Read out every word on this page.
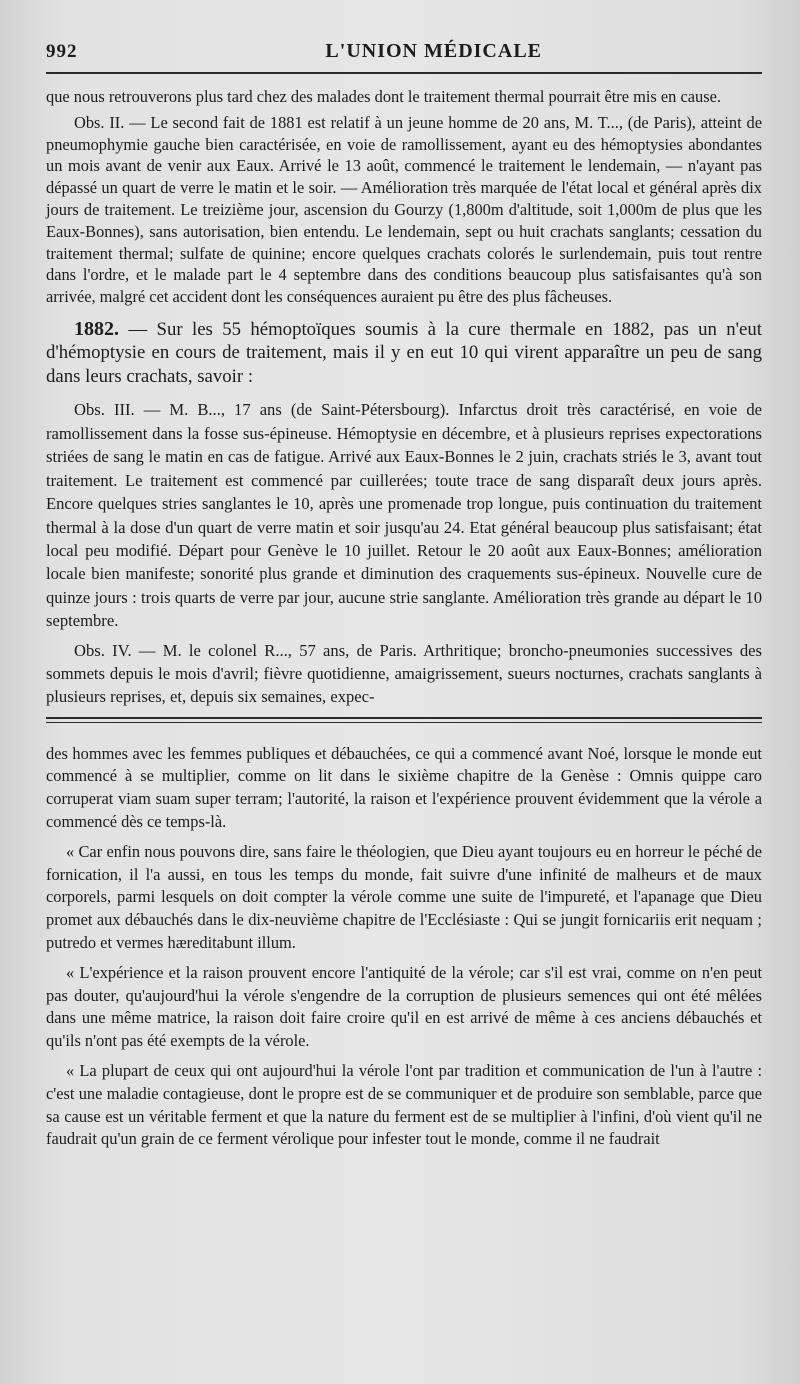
992	L'UNION MÉDICALE

que nous retrouverons plus tard chez des malades dont le traitement thermal pourrait être mis en cause.

Obs. II. — Le second fait de 1881 est relatif à un jeune homme de 20 ans, M. T..., (de Paris), atteint de pneumophymie gauche bien caractérisée, en voie de ramollissement, ayant eu des hémoptysies abondantes un mois avant de venir aux Eaux. Arrivé le 13 août, commencé le traitement le lendemain, — n'ayant pas dépassé un quart de verre le matin et le soir. — Amélioration très marquée de l'état local et général après dix jours de traitement. Le treizième jour, ascension du Gourzy (1,800m d'altitude, soit 1,000m de plus que les Eaux-Bonnes), sans autorisation, bien entendu. Le lendemain, sept ou huit crachats sanglants; cessation du traitement thermal; sulfate de quinine; encore quelques crachats colorés le surlendemain, puis tout rentre dans l'ordre, et le malade part le 4 septembre dans des conditions beaucoup plus satisfaisantes qu'à son arrivée, malgré cet accident dont les conséquences auraient pu être des plus fâcheuses.

1882. — Sur les 55 hémoptoïques soumis à la cure thermale en 1882, pas un n'eut d'hémoptysie en cours de traitement, mais il y en eut 10 qui virent apparaître un peu de sang dans leurs crachats, savoir :

Obs. III. — M. B..., 17 ans (de Saint-Pétersbourg). Infarctus droit très caractérisé, en voie de ramollissement dans la fosse sus-épineuse. Hémoptysie en décembre, et à plusieurs reprises expectorations striées de sang le matin en cas de fatigue. Arrivé aux Eaux-Bonnes le 2 juin, crachats striés le 3, avant tout traitement. Le traitement est commencé par cuillerées; toute trace de sang disparaît deux jours après. Encore quelques stries sanglantes le 10, après une promenade trop longue, puis continuation du traitement thermal à la dose d'un quart de verre matin et soir jusqu'au 24. Etat général beaucoup plus satisfaisant; état local peu modifié. Départ pour Genève le 10 juillet. Retour le 20 août aux Eaux-Bonnes; amélioration locale bien manifeste; sonorité plus grande et diminution des craquements sus-épineux. Nouvelle cure de quinze jours : trois quarts de verre par jour, aucune strie sanglante. Amélioration très grande au départ le 10 septembre.

Obs. IV. — M. le colonel R..., 57 ans, de Paris. Arthritique; broncho-pneumonies successives des sommets depuis le mois d'avril; fièvre quotidienne, amaigrissement, sueurs nocturnes, crachats sanglants à plusieurs reprises, et, depuis six semaines, expec-

des hommes avec les femmes publiques et débauchées, ce qui a commencé avant Noé, lorsque le monde eut commencé à se multiplier, comme on lit dans le sixième chapitre de la Genèse : Omnis quippe caro corruperat viam suam super terram; l'autorité, la raison et l'expérience prouvent évidemment que la vérole a commencé dès ce temps-là.

« Car enfin nous pouvons dire, sans faire le théologien, que Dieu ayant toujours eu en horreur le péché de fornication, il l'a aussi, en tous les temps du monde, fait suivre d'une infinité de malheurs et de maux corporels, parmi lesquels on doit compter la vérole comme une suite de l'impureté, et l'apanage que Dieu promet aux débauchés dans le dix-neuvième chapitre de l'Ecclésiaste : Qui se jungit fornicariis erit nequam ; putredo et vermes hæreditabunt illum.

« L'expérience et la raison prouvent encore l'antiquité de la vérole; car s'il est vrai, comme on n'en peut pas douter, qu'aujourd'hui la vérole s'engendre de la corruption de plusieurs semences qui ont été mêlées dans une même matrice, la raison doit faire croire qu'il en est arrivé de même à ces anciens débauchés et qu'ils n'ont pas été exempts de la vérole.

« La plupart de ceux qui ont aujourd'hui la vérole l'ont par tradition et communication de l'un à l'autre : c'est une maladie contagieuse, dont le propre est de se communiquer et de produire son semblable, parce que sa cause est un véritable ferment et que la nature du ferment est de se multiplier à l'infini, d'où vient qu'il ne faudrait qu'un grain de ce ferment vérolique pour infester tout le monde, comme il ne faudrait
